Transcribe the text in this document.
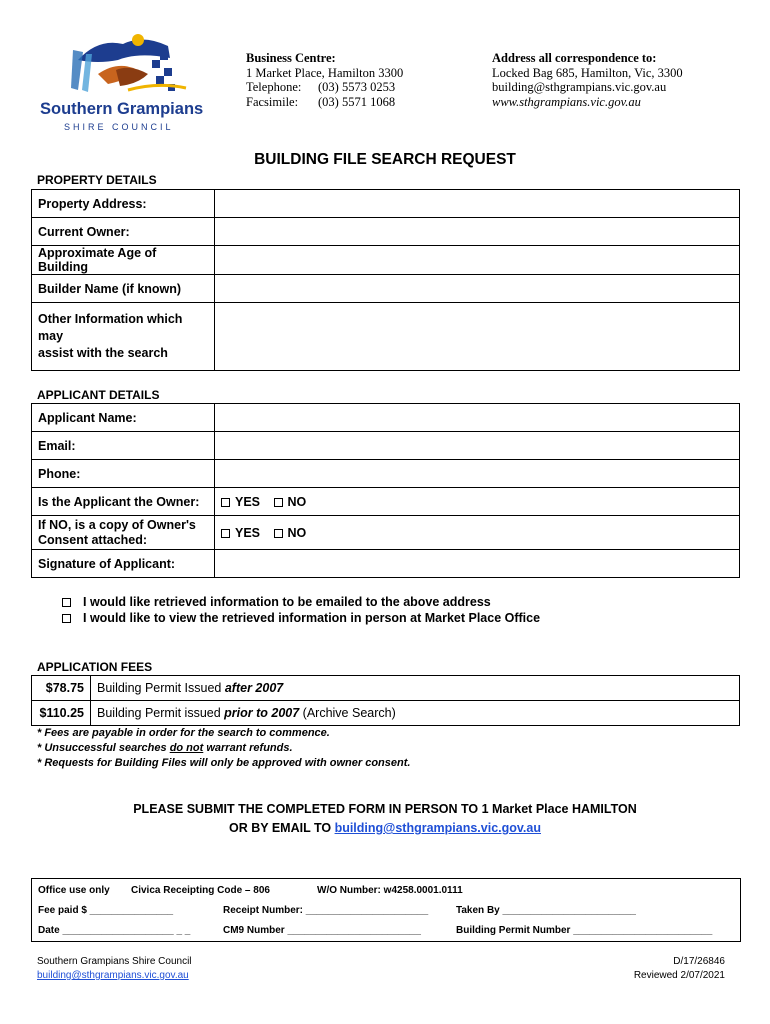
Southern Grampians
SHIRE COUNCIL
Business Centre:
1 Market Place, Hamilton 3300
Telephone: (03) 5573 0253
Facsimile: (03) 5571 1068
Address all correspondence to:
Locked Bag 685, Hamilton, Vic, 3300
building@sthgrampians.vic.gov.au
www.sthgrampians.vic.gov.au
BUILDING FILE SEARCH REQUEST
PROPERTY DETAILS
Property Address:	
Current Owner:	
Approximate Age of Building	
Builder Name (if known)	

Other Information which may
assist with the search	

APPLICANT DETAILS
Applicant Name:	
Email:	
Phone:	
Is the Applicant the Owner:	YES NO

If NO, is a copy of Owner's
Consent attached:	YES NO
Signature of Applicant:	
I would like retrieved information to be emailed to the above address
I would like to view the retrieved information in person at Market Place Office
APPLICATION FEES
$78.75	Building Permit Issued after 2007
$110.25	Building Permit issued prior to 2007 (Archive Search)
* Fees are payable in order for the search to commence.
* Unsuccessful searches do not warrant refunds.
* Requests for Building Files will only be approved with owner consent.
PLEASE SUBMIT THE COMPLETED FORM IN PERSON TO 1 Market Place HAMILTON
OR BY EMAIL TO building@sthgrampians.vic.gov.au
Office use only Civica Receipting Code – 806	W/O Number: w4258.0001.0111
Fee paid $ _______________	Receipt Number: ______________________	Taken By ________________________
Date ____________________ _ _	CM9 Number ________________________	Building Permit Number _________________________
Southern Grampians Shire Council
building@sthgrampians.vic.gov.au
D/17/26846
Reviewed 2/07/2021
